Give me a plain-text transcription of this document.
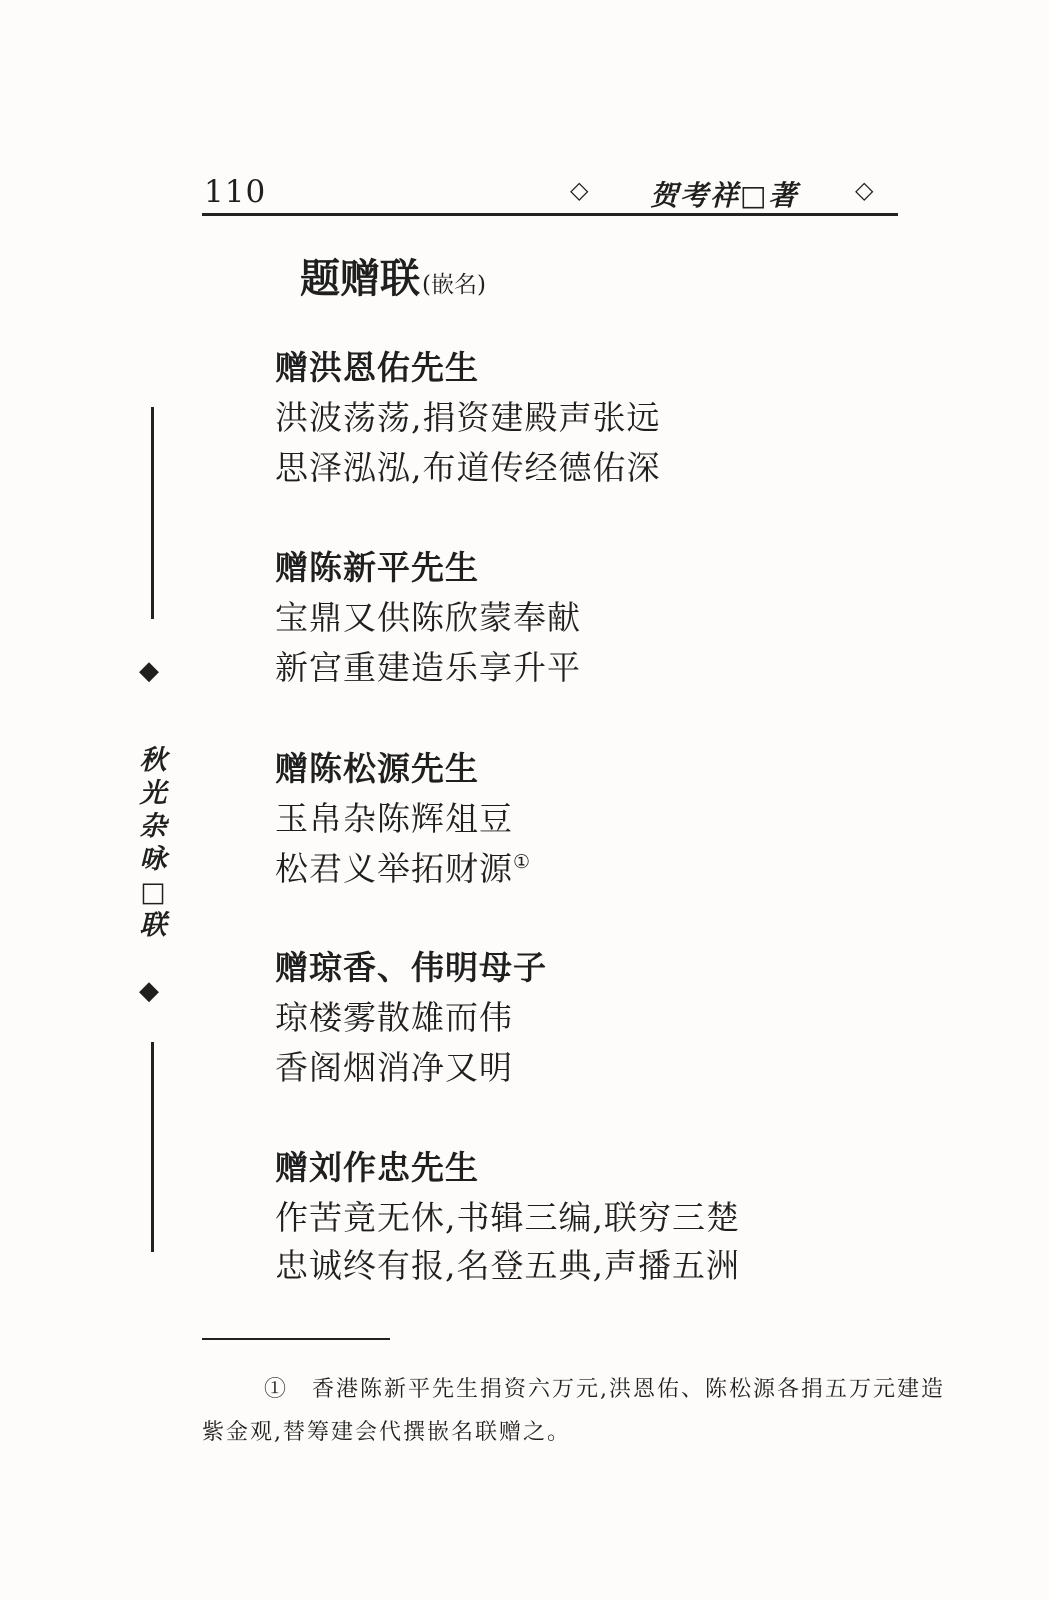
110	◇ 贺考祥□著 ◇
◆
秋
光
杂
咏
□
联
◆
题赠联(嵌名)
赠洪恩佑先生
洪波荡荡,捐资建殿声张远
思泽泓泓,布道传经德佑深
赠陈新平先生
宝鼎又供陈欣蒙奉献
新宫重建造乐享升平
赠陈松源先生
玉帛杂陈辉俎豆
松君义举拓财源①
赠琼香、伟明母子
琼楼雾散雄而伟
香阁烟消净又明
赠刘作忠先生
作苦竟无休,书辑三编,联穷三楚
忠诚终有报,名登五典,声播五洲
①　香港陈新平先生捐资六万元,洪恩佑、陈松源各捐五万元建造紫金观,替筹建会代撰嵌名联赠之。
